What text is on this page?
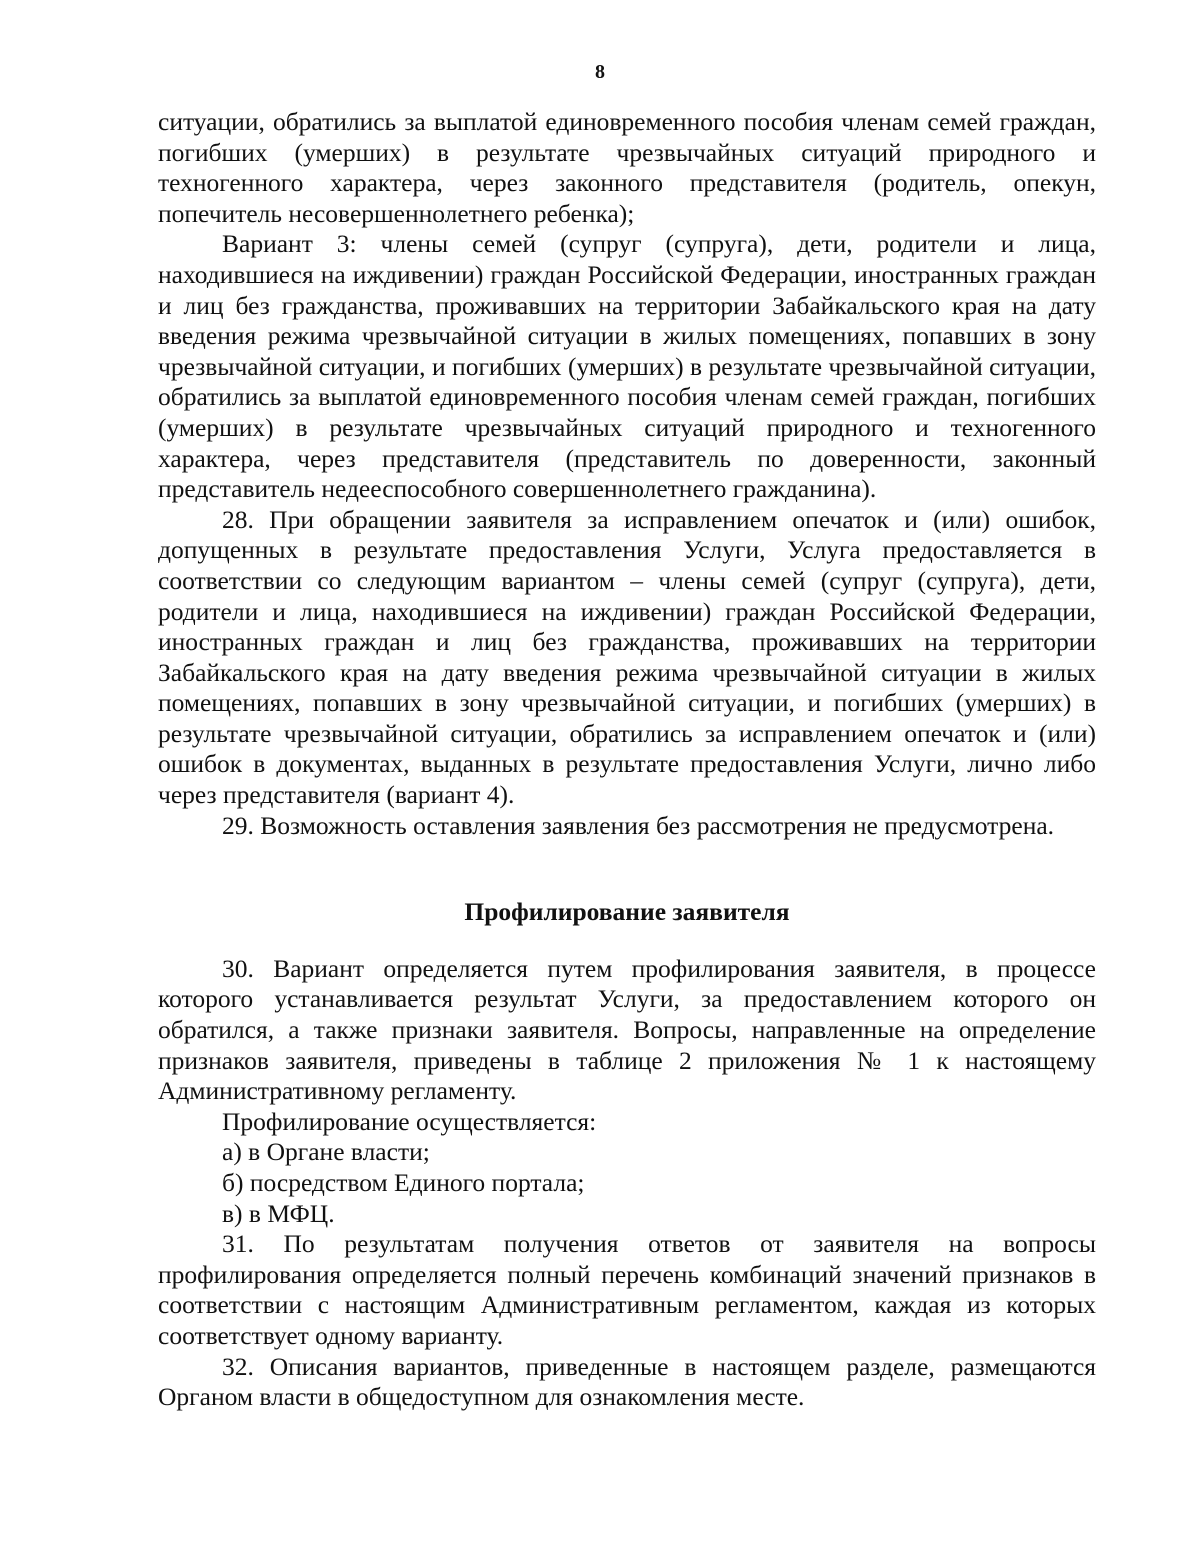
8

ситуации, обратились за выплатой единовременного пособия членам семей граждан, погибших (умерших) в результате чрезвычайных ситуаций природного и техногенного характера, через законного представителя (родитель, опекун, попечитель несовершеннолетнего ребенка);

Вариант 3: члены семей (супруг (супруга), дети, родители и лица, находившиеся на иждивении) граждан Российской Федерации, иностранных граждан и лиц без гражданства, проживавших на территории Забайкальского края на дату введения режима чрезвычайной ситуации в жилых помещениях, попавших в зону чрезвычайной ситуации, и погибших (умерших) в результате чрезвычайной ситуации, обратились за выплатой единовременного пособия членам семей граждан, погибших (умерших) в результате чрезвычайных ситуаций природного и техногенного характера, через представителя (представитель по доверенности, законный представитель недееспособного совершеннолетнего гражданина).

28. При обращении заявителя за исправлением опечаток и (или) ошибок, допущенных в результате предоставления Услуги, Услуга предоставляется в соответствии со следующим вариантом – члены семей (супруг (супруга), дети, родители и лица, находившиеся на иждивении) граждан Российской Федерации, иностранных граждан и лиц без гражданства, проживавших на территории Забайкальского края на дату введения режима чрезвычайной ситуации в жилых помещениях, попавших в зону чрезвычайной ситуации, и погибших (умерших) в результате чрезвычайной ситуации, обратились за исправлением опечаток и (или) ошибок в документах, выданных в результате предоставления Услуги, лично либо через представителя (вариант 4).

29. Возможность оставления заявления без рассмотрения не предусмотрена.

Профилирование заявителя

30. Вариант определяется путем профилирования заявителя, в процессе которого устанавливается результат Услуги, за предоставлением которого он обратился, а также признаки заявителя. Вопросы, направленные на определение признаков заявителя, приведены в таблице 2 приложения № 1 к настоящему Административному регламенту.

Профилирование осуществляется:

а) в Органе власти;

б) посредством Единого портала;

в) в МФЦ.

31. По результатам получения ответов от заявителя на вопросы профилирования определяется полный перечень комбинаций значений признаков в соответствии с настоящим Административным регламентом, каждая из которых соответствует одному варианту.

32. Описания вариантов, приведенные в настоящем разделе, размещаются Органом власти в общедоступном для ознакомления месте.
